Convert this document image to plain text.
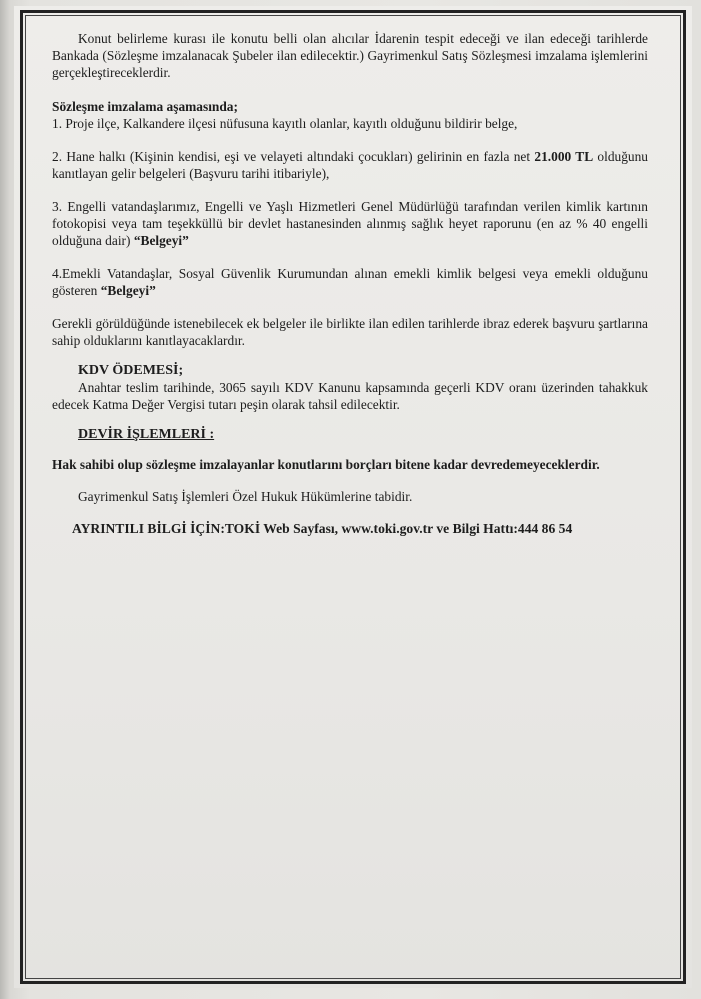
Konut belirleme kurası ile konutu belli olan alıcılar İdarenin tespit edeceği ve ilan edeceği tarihlerde Bankada (Sözleşme imzalanacak Şubeler ilan edilecektir.) Gayrimenkul Satış Sözleşmesi imzalama işlemlerini gerçekleştireceklerdir.

Sözleşme imzalama aşamasında;

1. Proje ilçe, Kalkandere ilçesi nüfusuna kayıtlı olanlar, kayıtlı olduğunu bildirir belge,

2. Hane halkı (Kişinin kendisi, eşi ve velayeti altındaki çocukları) gelirinin en fazla net 21.000 TL olduğunu kanıtlayan gelir belgeleri (Başvuru tarihi itibariyle),

3. Engelli vatandaşlarımız, Engelli ve Yaşlı Hizmetleri Genel Müdürlüğü tarafından verilen kimlik kartının fotokopisi veya tam teşekküllü bir devlet hastanesinden alınmış sağlık heyet raporunu (en az % 40 engelli olduğuna dair) “Belgeyi”

4.Emekli Vatandaşlar, Sosyal Güvenlik Kurumundan alınan emekli kimlik belgesi veya emekli olduğunu gösteren “Belgeyi”

Gerekli görüldüğünde istenebilecek ek belgeler ile birlikte ilan edilen tarihlerde ibraz ederek başvuru şartlarına sahip olduklarını kanıtlayacaklardır.

KDV ÖDEMESİ;

Anahtar teslim tarihinde, 3065 sayılı KDV Kanunu kapsamında geçerli KDV oranı üzerinden tahakkuk edecek Katma Değer Vergisi tutarı peşin olarak tahsil edilecektir.

DEVİR İŞLEMLERİ :

Hak sahibi olup sözleşme imzalayanlar konutlarını borçları bitene kadar devredemeyeceklerdir.

Gayrimenkul Satış İşlemleri Özel Hukuk Hükümlerine tabidir.

AYRINTILI BİLGİ İÇİN:TOKİ Web Sayfası, www.toki.gov.tr ve Bilgi Hattı:444 86 54
